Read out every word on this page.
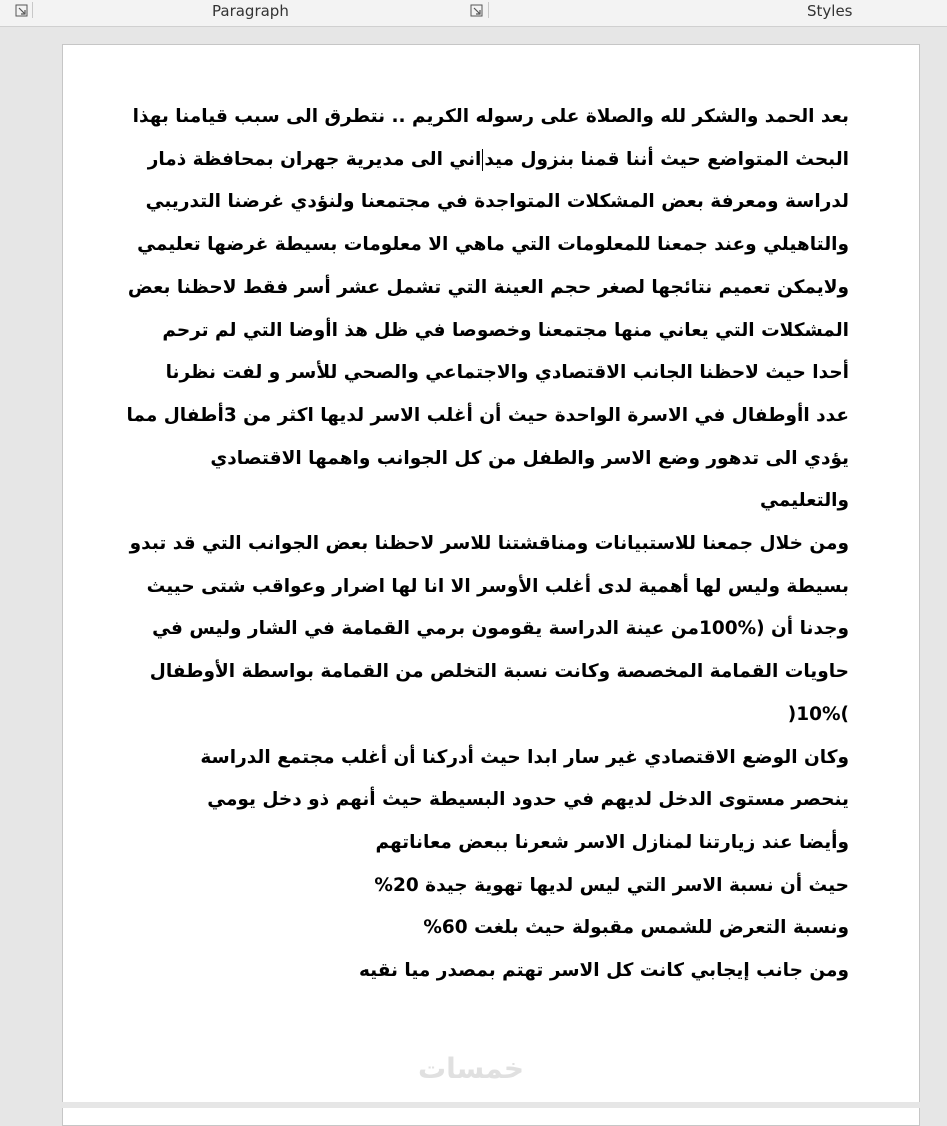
Paragraph	Styles

بعد الحمد والشكر لله والصلاة على رسوله الكريم .. نتطرق الى سبب قيامنا بهذا

البحث المتواضع حيث أننا قمنا بنزول ميداني الى مديرية جهران بمحافظة ذمار

لدراسة ومعرفة بعض المشكلات المتواجدة في مجتمعنا ولنؤدي غرضنا التدريبي

والتاهيلي وعند جمعنا للمعلومات التي ماهي الا معلومات بسيطة غرضها تعليمي

ولايمكن تعميم نتائجها لصغر حجم العينة التي تشمل عشر أسر فقط لاحظنا بعض

المشكلات التي يعاني منها مجتمعنا وخصوصا في ظل هذ اأوضا التي لم ترحم

أحدا حيث لاحظنا الجانب الاقتصادي والاجتماعي والصحي للأسر و لفت نظرنا

عدد اأوطفال في الاسرة الواحدة حيث أن أغلب الاسر لديها اكثر من 3أطفال مما

يؤدي الى تدهور وضع الاسر والطفل من كل الجوانب واهمها الاقتصادي

والتعليمي

ومن خلال جمعنا للاستبيانات ومناقشتنا للاسر لاحظنا بعض الجوانب التي قد تبدو

بسيطة وليس لها أهمية لدى أغلب الأوسر الا انا لها اضرار وعواقب شتى حييث

وجدنا أن (%100من عينة الدراسة يقومون برمي القمامة في الشار وليس في

حاويات القمامة المخصصة وكانت نسبة التخلص من القمامة بواسطة الأوطفال

)10%(

وكان الوضع الاقتصادي غير سار ابدا حيث أدركنا أن أغلب مجتمع الدراسة

ينحصر مستوى الدخل لديهم في حدود البسيطة حيث أنهم ذو دخل يومي

وأيضا عند زيارتنا لمنازل الاسر شعرنا ببعض معاناتهم

حيث أن نسبة الاسر التي ليس لديها تهوية جيدة 20%

ونسبة التعرض للشمس مقبولة حيث بلغت 60%

ومن جانب إيجابي كانت كل الاسر تهتم بمصدر ميا نقيه

خمسات
